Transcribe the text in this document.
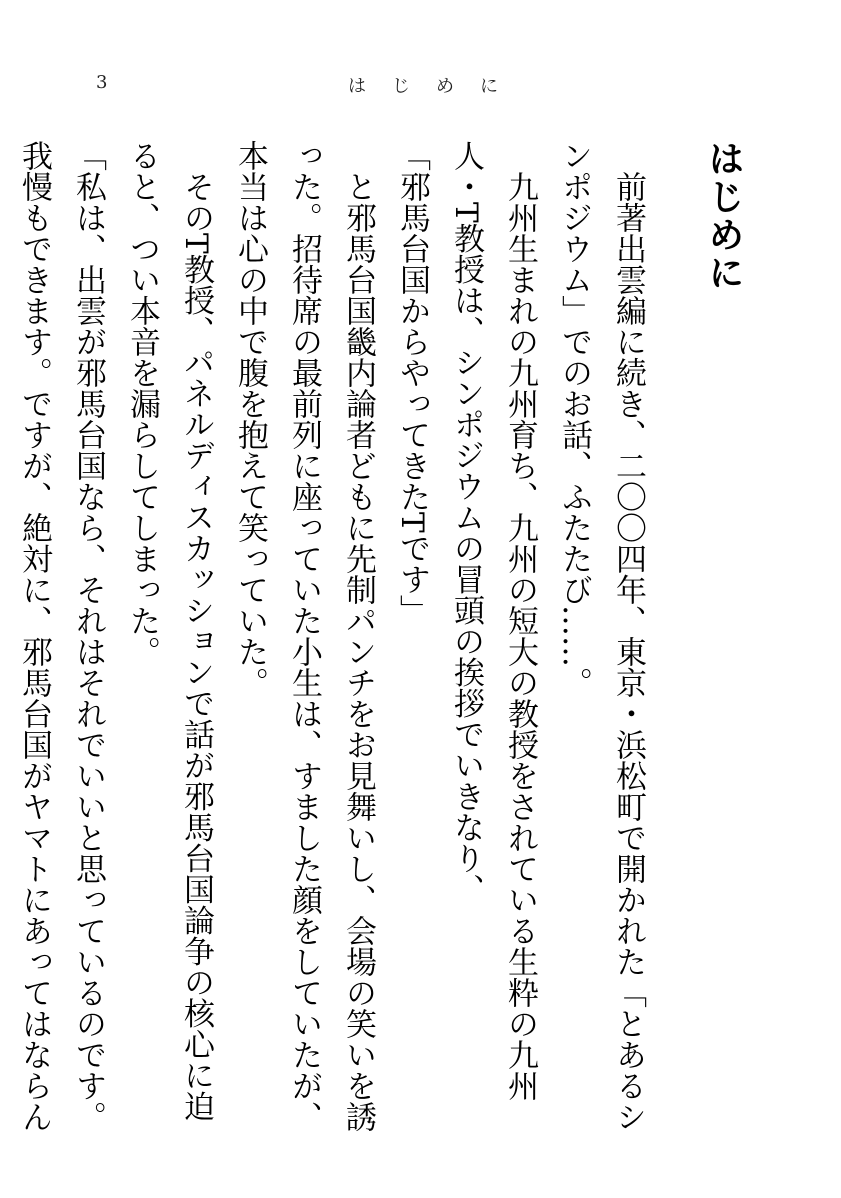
3	はじめに
はじめに

　前著出雲編に続き、二〇〇四年、東京・浜松町で開かれた「とあるシンポジウム」でのお話、ふたたび……。

　九州生まれの九州育ち、九州の短大の教授をされている生粋の九州人・T教授は、シンポジウムの冒頭の挨拶でいきなり、

「邪馬台国からやってきたTです」

　と邪馬台国畿内論者どもに先制パンチをお見舞いし、会場の笑いを誘った。招待席の最前列に座っていた小生は、すました顔をしていたが、本当は心の中で腹を抱えて笑っていた。

　そのT教授、パネルディスカッションで話が邪馬台国論争の核心に迫ると、つい本音を漏らしてしまった。

「私は、出雲が邪馬台国なら、それはそれでいいと思っているのです。我慢もできます。ですが、絶対に、邪馬台国がヤマトにあってはならん
